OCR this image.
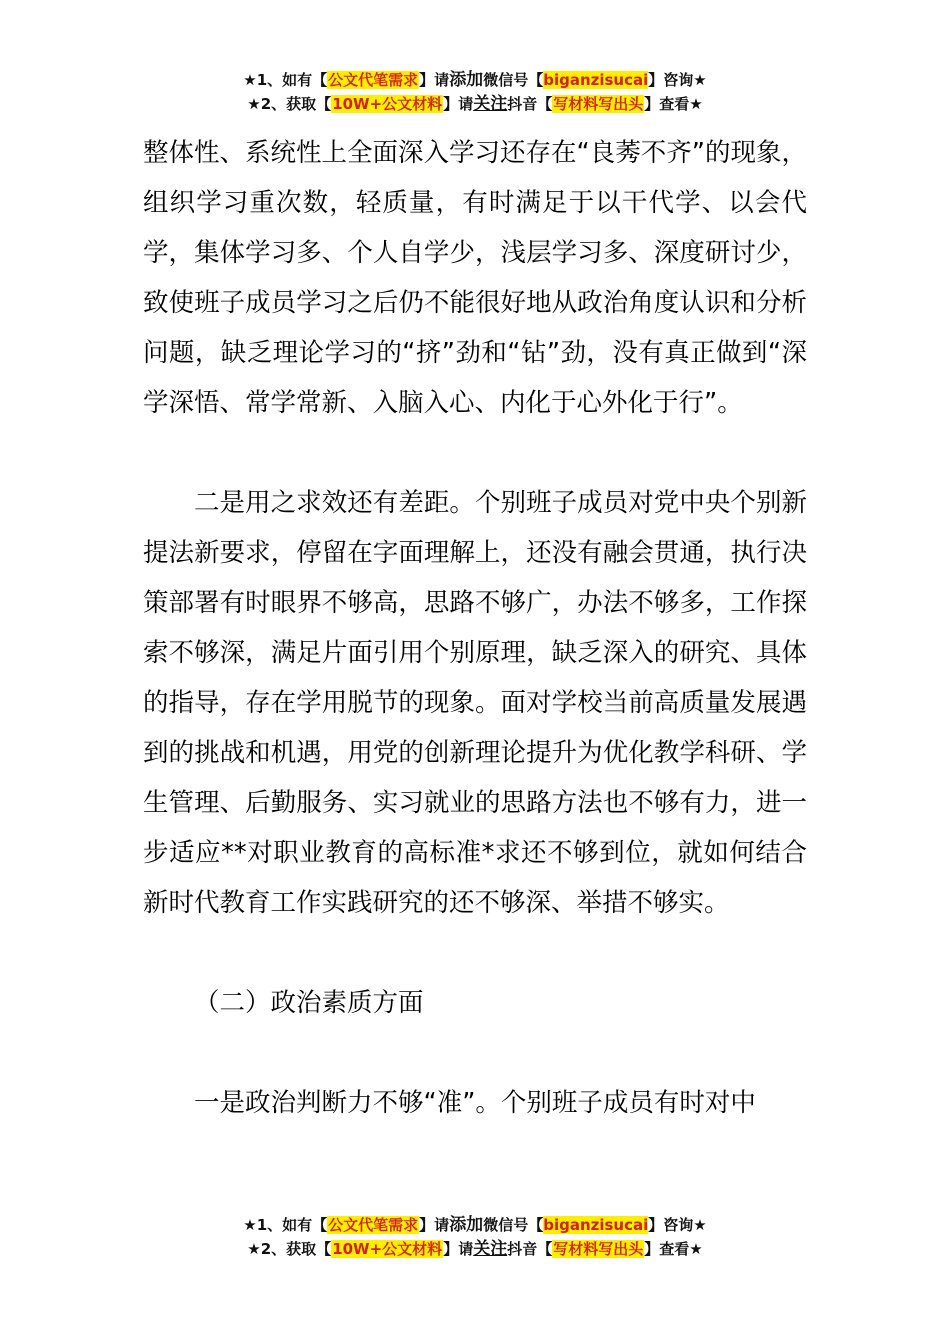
★1、如有【公文代笔需求】请添加微信号【biganzisucai】咨询★
★2、获取【10W+公文材料】请关注抖音【写材料写出头】查看★

整体性、系统性上全面深入学习还存在“良莠不齐”的现象，组织学习重次数，轻质量，有时满足于以干代学、以会代学，集体学习多、个人自学少，浅层学习多、深度研讨少，致使班子成员学习之后仍不能很好地从政治角度认识和分析问题，缺乏理论学习的“挤”劲和“钻”劲，没有真正做到“深学深悟、常学常新、入脑入心、内化于心外化于行”。

二是用之求效还有差距。个别班子成员对党中央个别新提法新要求，停留在字面理解上，还没有融会贯通，执行决策部署有时眼界不够高，思路不够广，办法不够多，工作探索不够深，满足片面引用个别原理，缺乏深入的研究、具体的指导，存在学用脱节的现象。面对学校当前高质量发展遇到的挑战和机遇，用党的创新理论提升为优化教学科研、学生管理、后勤服务、实习就业的思路方法也不够有力，进一步适应**对职业教育的高标准*求还不够到位，就如何结合新时代教育工作实践研究的还不够深、举措不够实。

（二）政治素质方面

一是政治判断力不够“准”。个别班子成员有时对中

★1、如有【公文代笔需求】请添加微信号【biganzisucai】咨询★
★2、获取【10W+公文材料】请关注抖音【写材料写出头】查看★
